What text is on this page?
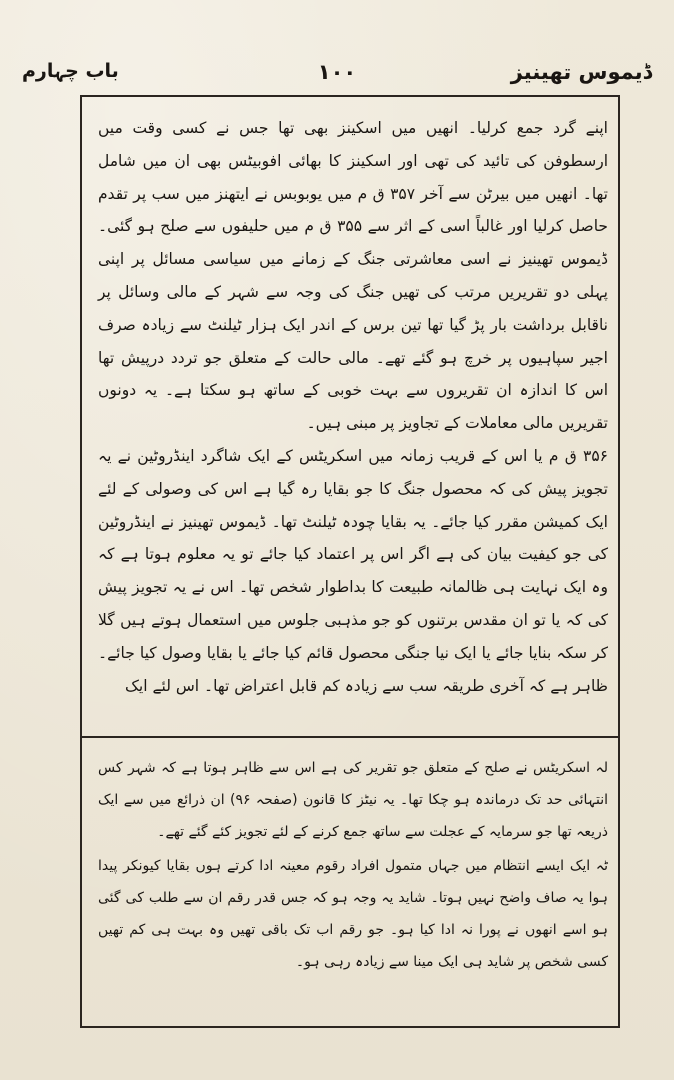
ڈیموس تھینیز
۱۰۰
باب چہارم

اپنے گرد جمع کرلیا۔ انھیں میں اسکینز بھی تھا جس نے کسی وقت میں ارسطوفن کی تائید کی تھی اور اسکینز کا بھائی افوبیٹس بھی ان میں شامل تھا۔ انھیں میں بیرٹن سے آخر ۳۵۷ ق م میں یوبوبس نے ایتھنز میں سب پر تقدم حاصل کرلیا اور غالباً اسی کے اثر سے ۳۵۵ ق م میں حلیفوں سے صلح ہو گئی۔ ڈیموس تھینیز نے اسی معاشرتی جنگ کے زمانے میں سیاسی مسائل پر اپنی پہلی دو تقریریں مرتب کی تھیں جنگ کی وجہ سے شہر کے مالی وسائل پر ناقابل برداشت بار پڑ گیا تھا تین برس کے اندر ایک ہزار ٹیلنٹ سے زیادہ صرف اجیر سپاہیوں پر خرچ ہو گئے تھے۔ مالی حالت کے متعلق جو تردد درپیش تھا اس کا اندازہ ان تقریروں سے بہت خوبی کے ساتھ ہو سکتا ہے۔ یہ دونوں تقریریں مالی معاملات کے تجاویز پر مبنی ہیں۔

۳۵۶ ق م یا اس کے قریب زمانہ میں اسکریٹس کے ایک شاگرد اینڈروٹین نے یہ تجویز پیش کی کہ محصول جنگ کا جو بقایا رہ گیا ہے اس کی وصولی کے لئے ایک کمیشن مقرر کیا جائے۔ یہ بقایا چودہ ٹیلنٹ تھا۔ ڈیموس تھینیز نے اینڈروٹین کی جو کیفیت بیان کی ہے اگر اس پر اعتماد کیا جائے تو یہ معلوم ہوتا ہے کہ وہ ایک نہایت ہی ظالمانہ طبیعت کا بداطوار شخص تھا۔ اس نے یہ تجویز پیش کی کہ یا تو ان مقدس برتنوں کو جو مذہبی جلوس میں استعمال ہوتے ہیں گلا کر سکہ بنایا جائے یا ایک نیا جنگی محصول قائم کیا جائے یا بقایا وصول کیا جائے۔ ظاہر ہے کہ آخری طریقہ سب سے زیادہ کم قابل اعتراض تھا۔ اس لئے ایک

لہ اسکریٹس نے صلح کے متعلق جو تقریر کی ہے اس سے ظاہر ہوتا ہے کہ شہر کس انتہائی حد تک درماندہ ہو چکا تھا۔ یہ نیٹز کا قانون (صفحہ ۹۶) ان ذرائع میں سے ایک ذریعہ تھا جو سرمایہ کے عجلت سے ساتھ جمع کرنے کے لئے تجویز کئے گئے تھے۔

ٹہ ایک ایسے انتظام میں جہاں متمول افراد رقوم معینہ ادا کرتے ہوں بقایا کیونکر پیدا ہوا یہ صاف واضح نہیں ہوتا۔ شاید یہ وجہ ہو کہ جس قدر رقم ان سے طلب کی گئی ہو اسے انھوں نے پورا نہ ادا کیا ہو۔ جو رقم اب تک باقی تھیں وہ بہت ہی کم تھیں کسی شخص پر شاید ہی ایک مینا سے زیادہ رہی ہو۔
